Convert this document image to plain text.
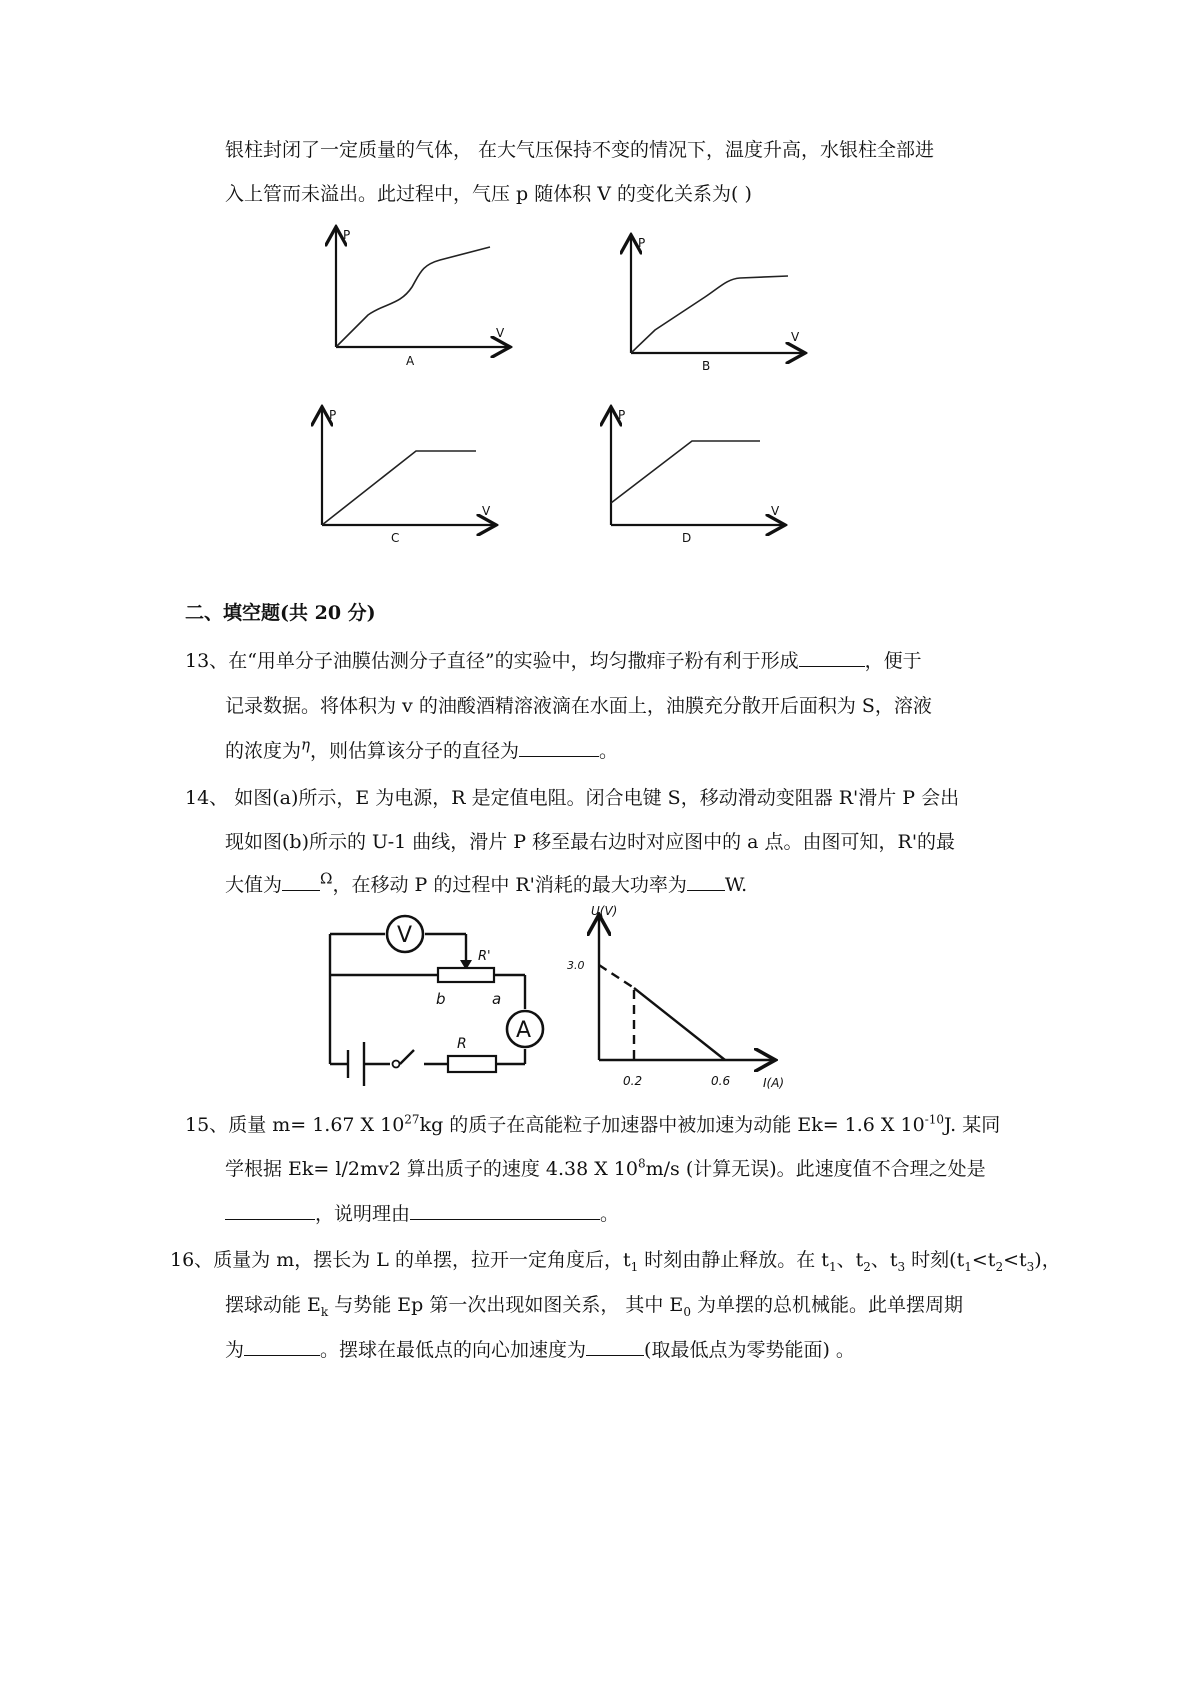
银柱封闭了一定质量的气体， 在大气压保持不变的情况下，温度升高，水银柱全部进
入上管而未溢出。此过程中，气压 p 随体积 V 的变化关系为( )
P
V
A
P
V
B
P
V
C
P
V
D
二、填空题(共 20 分)
13、在“用单分子油膜估测分子直径”的实验中，均匀撒痱子粉有利于形成	，便于
记录数据。将体积为 v 的油酸酒精溶液滴在水面上，油膜充分散开后面积为 S，溶液
的浓度为$^\eta$，则估算该分子的直径为	。
14、 如图(a)所示，E 为电源，R 是定值电阻。闭合电键 S，移动滑动变阻器 R'滑片 P 会出
现如图(b)所示的 U-1 曲线，滑片 P 移至最右边时对应图中的 a 点。由图可知，R'的最
大值为	$^\Omega$，在移动 P 的过程中 R'消耗的最大功率为 W.
V
R'
b	a
A
R
U(V)
I(A)
3.0
0.2	0.6
15、质量 m= 1.67 X $10^{27}kg$ 的质子在高能粒子加速器中被加速为动能 Ek= 1.6 X $10^{-10}J$. 某同
学根据 Ek= l/2mv2 算出质子的速度 4.38 X $10^8m/s$ (计算无误)。此速度值不合理之处是
，说明理由	。
16、质量为 m，摆长为 L 的单摆，拉开一定角度后，$t_1$ 时刻由静止释放。在 $t_1$、$t_2$、$t_3$ 时刻$(t_1<t_2<t_3)$，
摆球动能 $E_k$ 与势能 Ep 第一次出现如图关系， 其中 $E_0$ 为单摆的总机械能。此单摆周期
为	。摆球在最低点的向心加速度为	(取最低点为零势能面) 。
